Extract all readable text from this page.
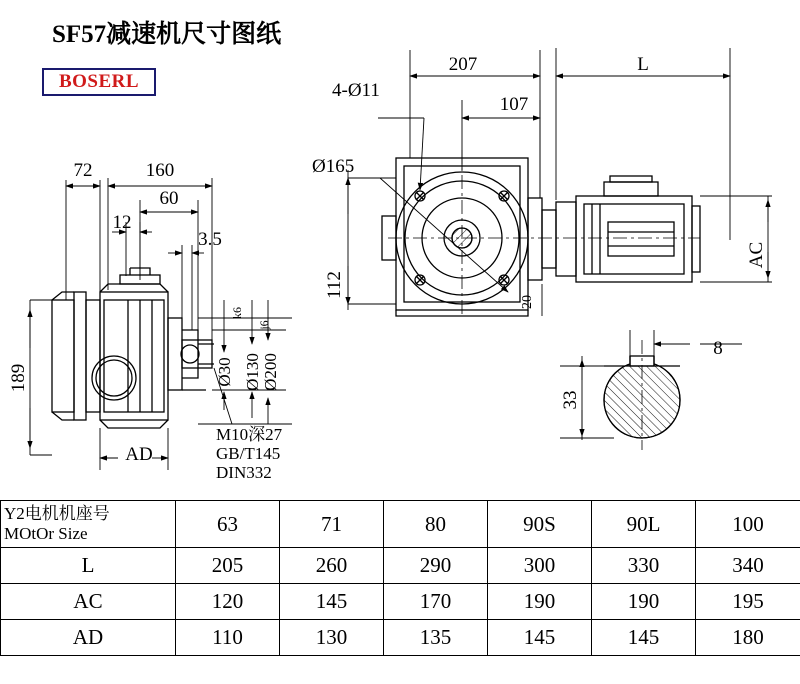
SF57减速机尺寸图纸
BOSERL
207	L
107
4-Ø11
Ø165
112
20
AC
72	160
60
12
3.5
189
AD
Ø30
k6
Ø130
j6
Ø200
8
33
M10深27
GB/T145
DIN332
Y2电机机座号
MOtOr Size	63	71	80	90S	90L	100
L	205	260	290	300	330	340
AC	120	145	170	190	190	195
AD	110	130	135	145	145	180
